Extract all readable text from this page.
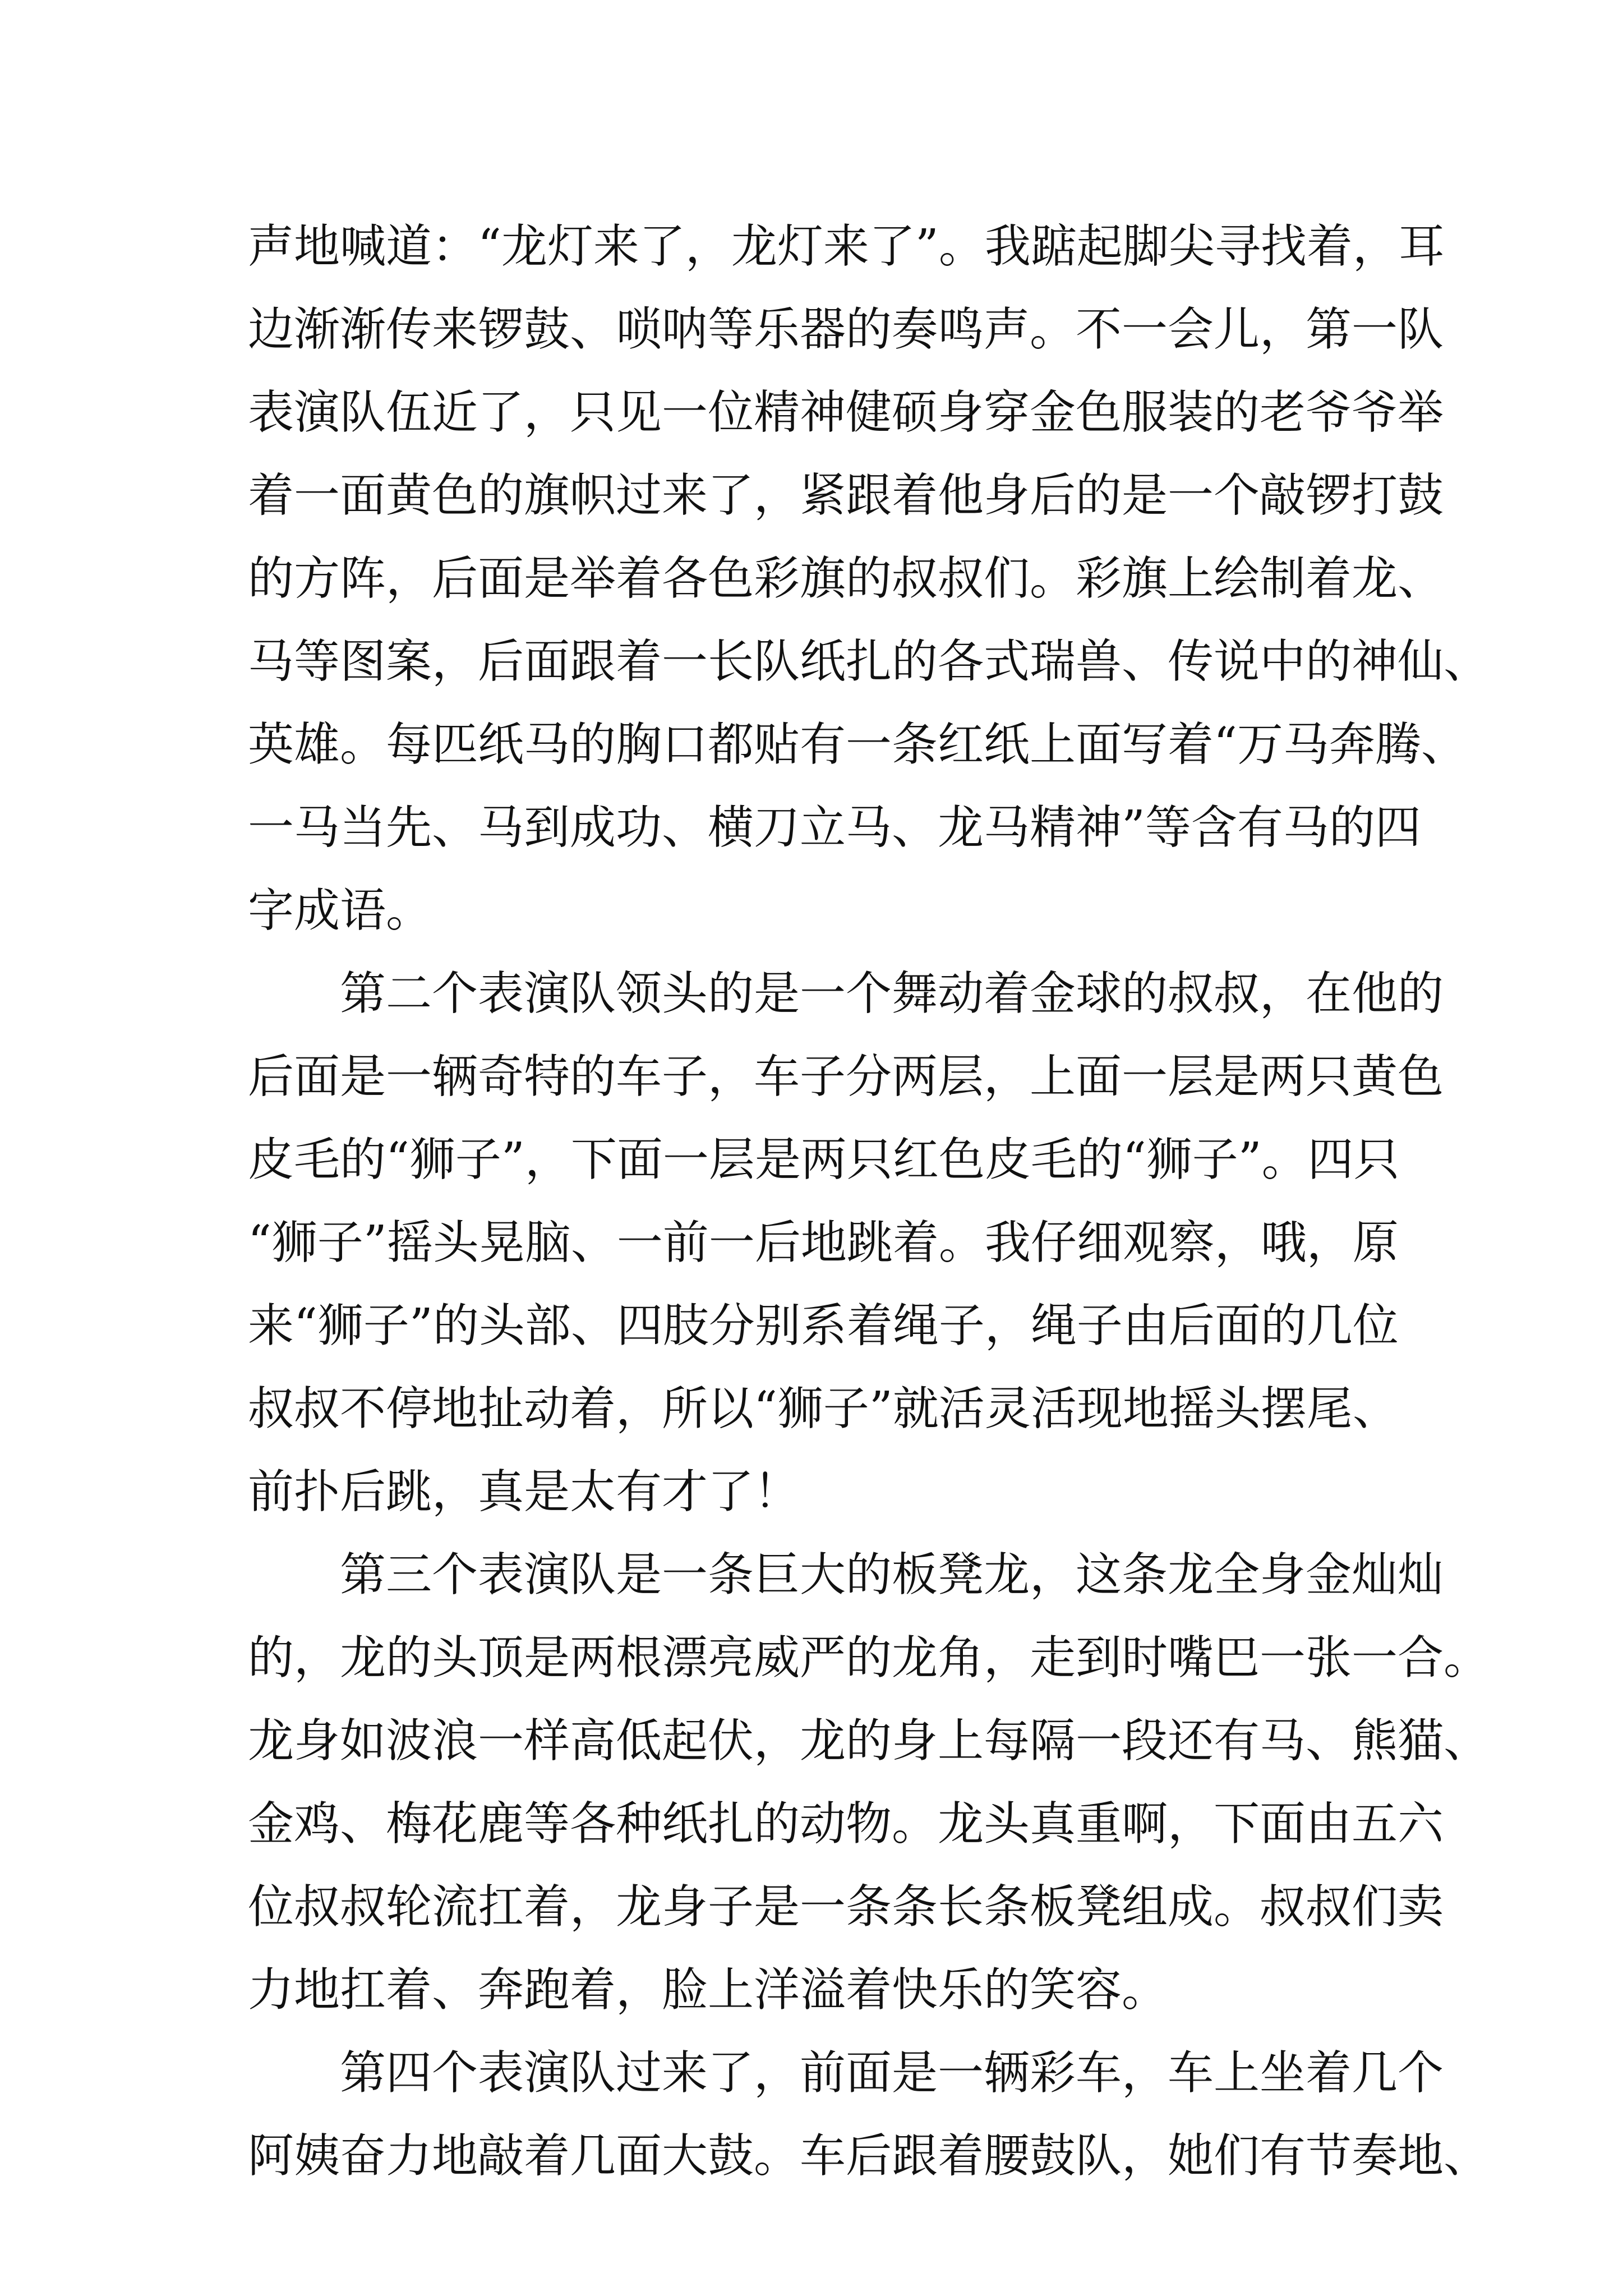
声地喊道：“龙灯来了，龙灯来了”。我踮起脚尖寻找着，耳
边渐渐传来锣鼓、唢呐等乐器的奏鸣声。不一会儿，第一队
表演队伍近了，只见一位精神健硕身穿金色服装的老爷爷举
着一面黄色的旗帜过来了，紧跟着他身后的是一个敲锣打鼓
的方阵，后面是举着各色彩旗的叔叔们。彩旗上绘制着龙、
马等图案，后面跟着一长队纸扎的各式瑞兽、传说中的神仙、
英雄。每匹纸马的胸口都贴有一条红纸上面写着“万马奔腾、
一马当先、马到成功、横刀立马、龙马精神”等含有马的四
字成语。
第二个表演队领头的是一个舞动着金球的叔叔，在他的
后面是一辆奇特的车子，车子分两层，上面一层是两只黄色
皮毛的“狮子”，下面一层是两只红色皮毛的“狮子”。四只
“狮子”摇头晃脑、一前一后地跳着。我仔细观察，哦，原
来“狮子”的头部、四肢分别系着绳子，绳子由后面的几位
叔叔不停地扯动着，所以“狮子”就活灵活现地摇头摆尾、
前扑后跳，真是太有才了！
第三个表演队是一条巨大的板凳龙，这条龙全身金灿灿
的，龙的头顶是两根漂亮威严的龙角，走到时嘴巴一张一合。
龙身如波浪一样高低起伏，龙的身上每隔一段还有马、熊猫、
金鸡、梅花鹿等各种纸扎的动物。龙头真重啊，下面由五六
位叔叔轮流扛着，龙身子是一条条长条板凳组成。叔叔们卖
力地扛着、奔跑着，脸上洋溢着快乐的笑容。
第四个表演队过来了，前面是一辆彩车，车上坐着几个
阿姨奋力地敲着几面大鼓。车后跟着腰鼓队，她们有节奏地、
